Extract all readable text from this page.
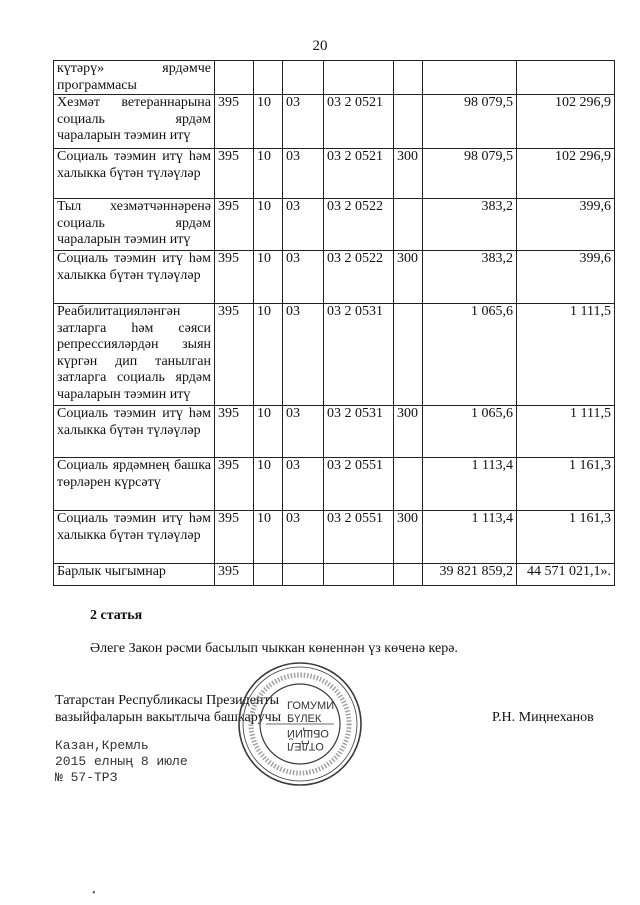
20
күтәрү» ярдәмче программасы							
Хезмәт ветераннарына социаль ярдәм чараларын тәэмин итү	395	10	03	03 2 0521		98 079,5	102 296,9
Социаль тәэмин итү һәм халыкка бүтән түләүләр	395	10	03	03 2 0521	300	98 079,5	102 296,9
Тыл хезмәтчәннәренә социаль ярдәм чараларын тәэмин итү	395	10	03	03 2 0522		383,2	399,6
Социаль тәэмин итү һәм халыкка бүтән түләүләр	395	10	03	03 2 0522	300	383,2	399,6
Реабилитацияләнгән затларга һәм сәяси репрессияләрдән зыян күргән дип танылган затларга социаль ярдәм чараларын тәэмин итү	395	10	03	03 2 0531		1 065,6	1 111,5
Социаль тәэмин итү һәм халыкка бүтән түләүләр	395	10	03	03 2 0531	300	1 065,6	1 111,5
Социаль ярдәмнең башка төрләрен күрсәтү	395	10	03	03 2 0551		1 113,4	1 161,3
Социаль тәэмин итү һәм халыкка бүтән түләүләр	395	10	03	03 2 0551	300	1 113,4	1 161,3
Барлык чыгымнар	395					39 821 859,2	44 571 021,1».
2 статья
Әлеге Закон рәсми басылып чыккан көненнән үз көченә керә.
Татарстан Республикасы Президенты
вазыйфаларын вакытлыча башкаручы	Р.Н. Миңнеханов
Казан,Кремль
2015 елның 8 июле
№ 57-ТРЗ
ГОМУМИ
БҮЛЕК
ОБЩИЙ
ОТДЕЛ
•
